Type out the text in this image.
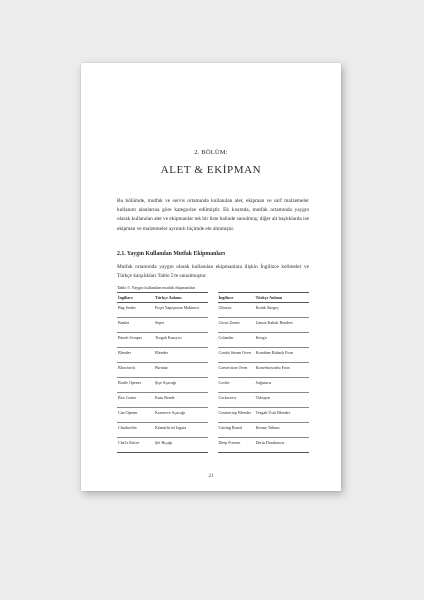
2. BÖLÜM:
ALET & EKİPMAN

Bu bölümde, mutfak ve servis ortamında kullanılan alet, ekipman ve sarf malzemeler kullanım alanlarına göre kategorize edilmiştir. Ek kısımda, mutfak ortamında yaygın olarak kullanılan alet ve ekipmanlar tek bir liste halinde sunulmuş; diğer alt başlıklarda ise ekipman ve malzemeler ayrıntılı biçimde ele alınmıştır.

2.1. Yaygın Kullanılan Mutfak Ekipmanları

Mutfak ortamında yaygın olarak kullanılan ekipmanlara ilişkin İngilizce kelimeler ve Türkçe karşılıkları Tablo 5'te sunulmuştur.

Tablo 5. Yaygın kullanılan mutfak ekipmanları

İngilizce	Türkçe Anlamı		İngilizce	Türkçe Anlamı
Bag Sealer	Poşet Yapıştırma Makinesi		Chinois	Konik Süzgeç
Basket	Sepet		Citrus Zester	Limon Kabuk Rendesi
Bench Scraper	Tezgah Kazıyıcı		Colander	Kevgir
Blender	Blender		Combi Steam Oven	Kombine Buharlı Fırın
Blowtorch	Pürmüz		Convection Oven	Konveksiyonlu Fırın
Bottle Opener	Şişe Açacağı		Cooler	Soğutucu
Box Grater	Kutu Rende		Corkscrew	Tirbuşon
Can Opener	Konserve Açacağı		Countertop Blender	Tezgah Üstü Blender
Charbroiler	Kömürlü tel Izgara		Cutting Board	Kesme Tahtası
Chef's Knive	Şef Bıçağı		Deep Freezer	Derin Dondurucu
21
